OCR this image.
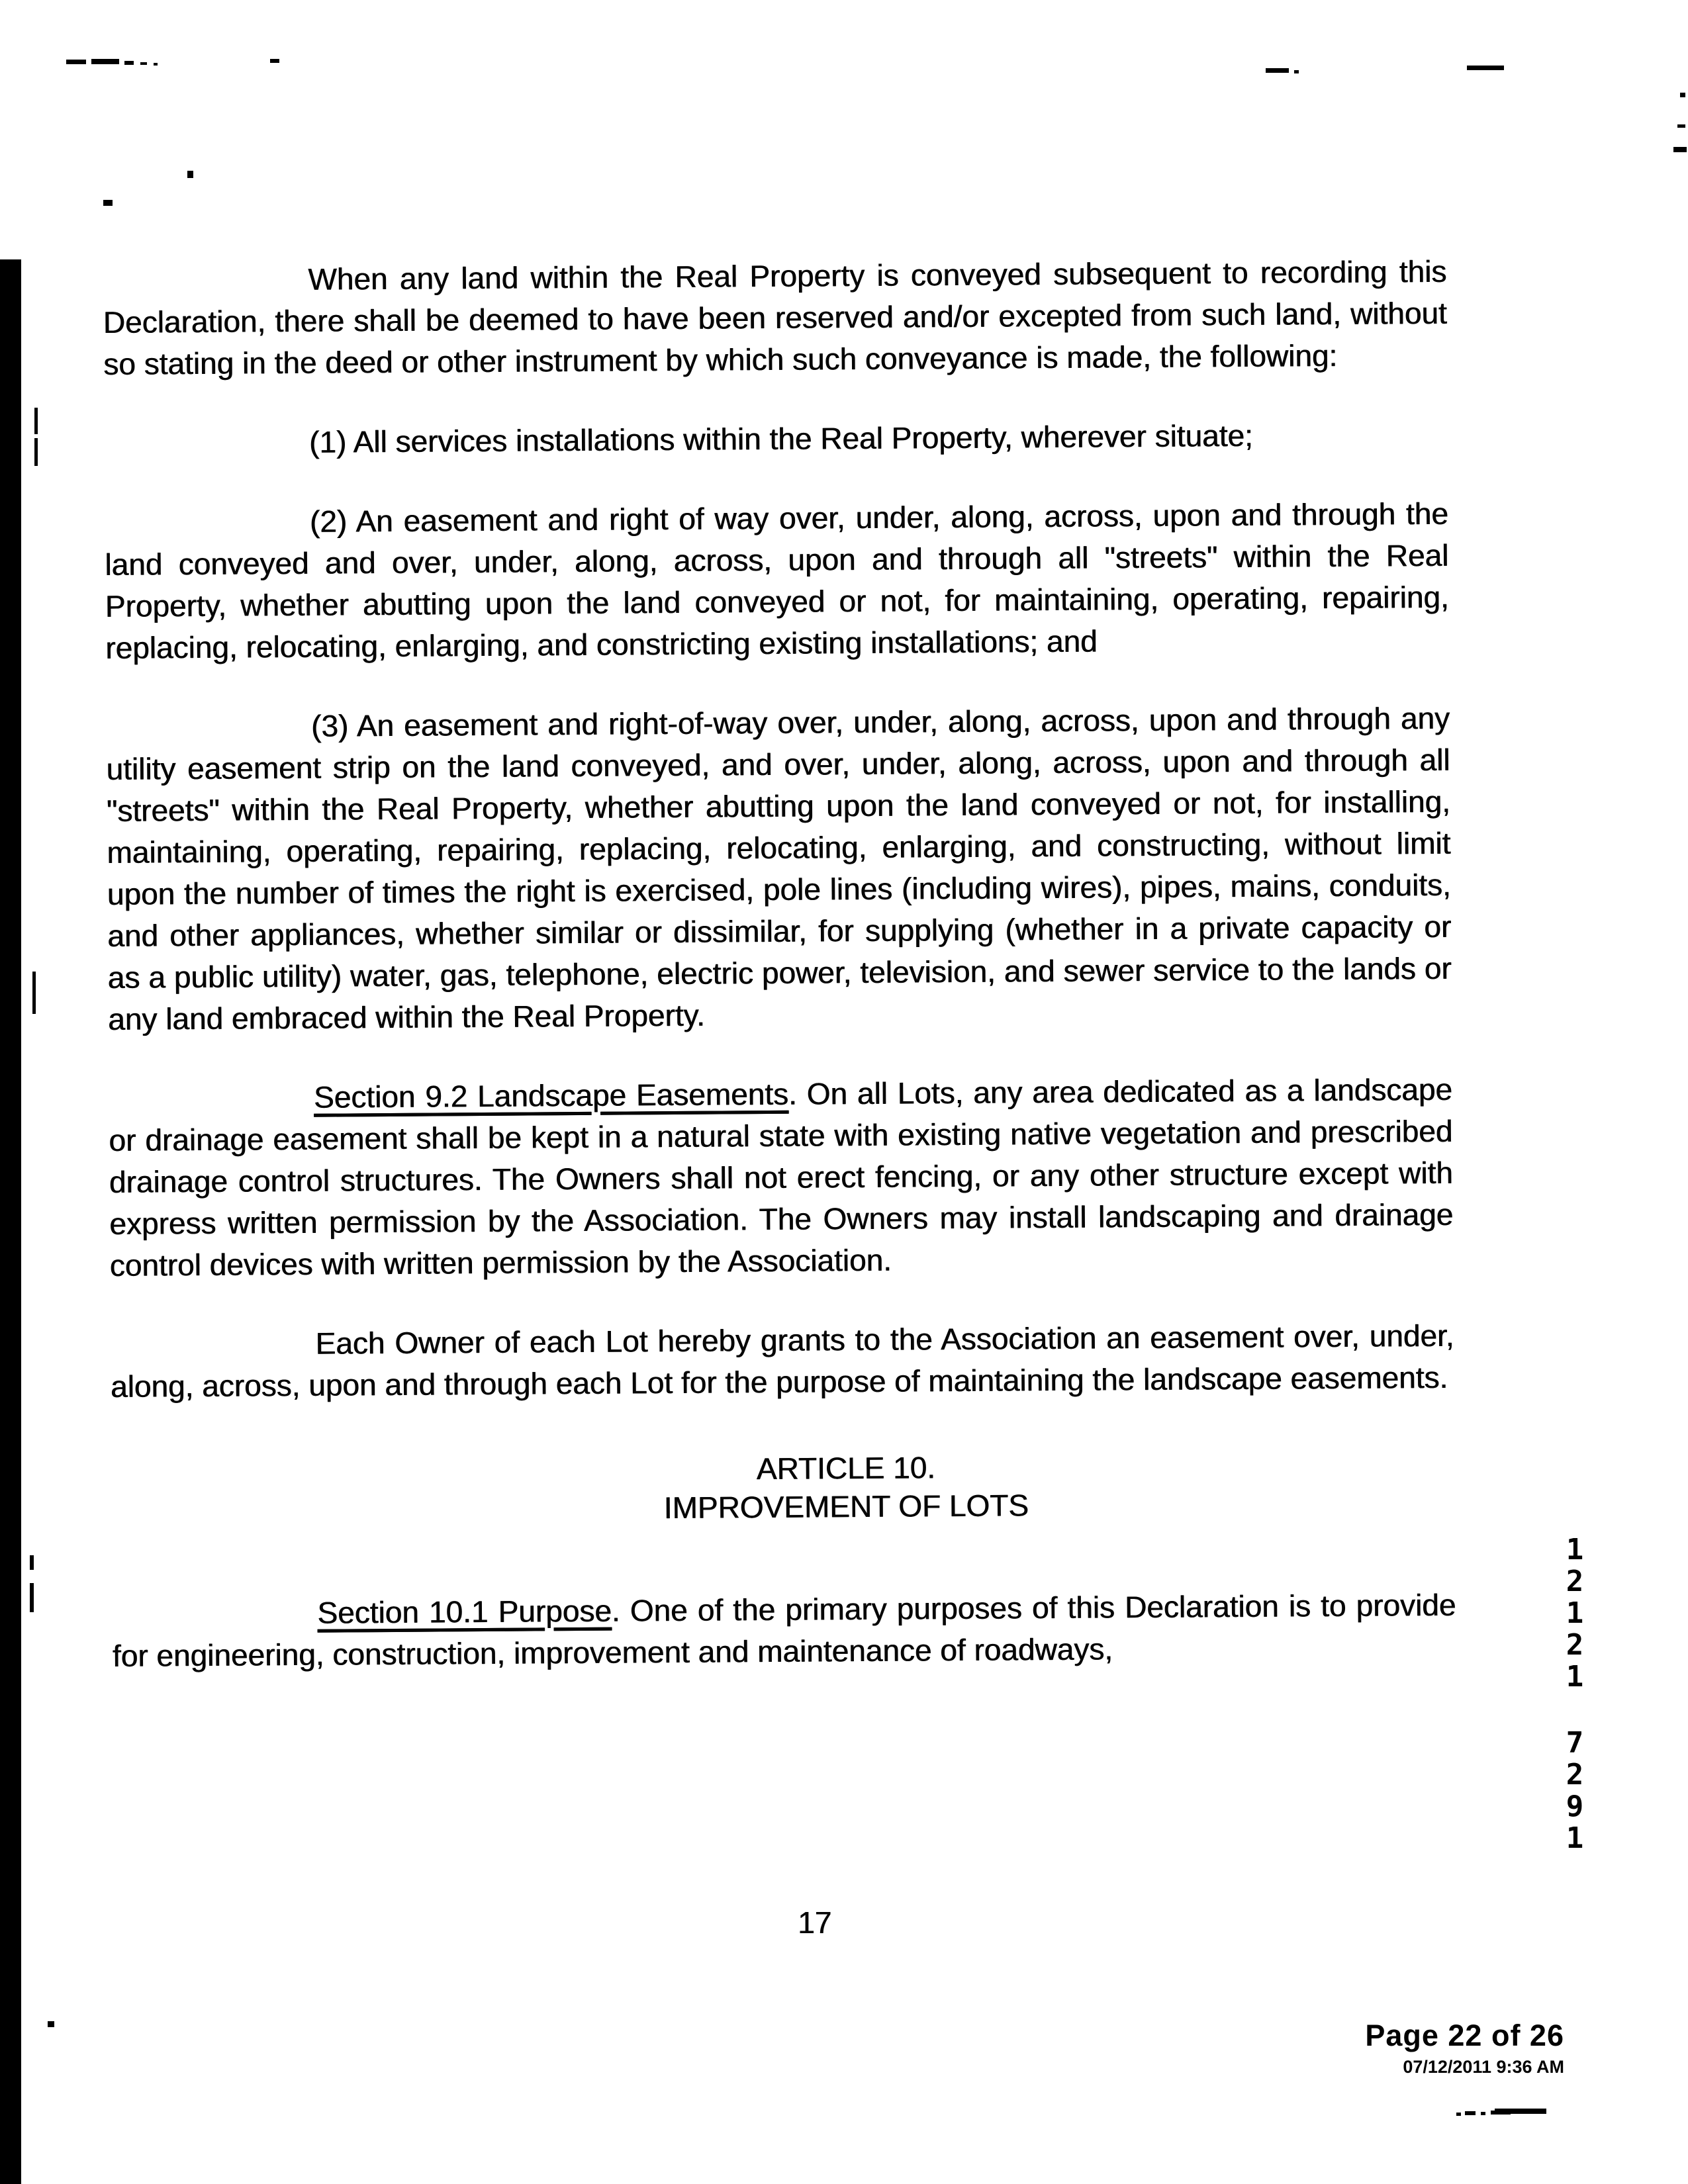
When any land within the Real Property is conveyed subsequent to recording this Declaration, there shall be deemed to have been reserved and/or excepted from such land, without so stating in the deed or other instrument by which such conveyance is made, the following:

(1) All services installations within the Real Property, wherever situate;

(2) An easement and right of way over, under, along, across, upon and through the land conveyed and over, under, along, across, upon and through all "streets" within the Real Property, whether abutting upon the land conveyed or not, for maintaining, operating, repairing, replacing, relocating, enlarging, and constricting existing installations; and

(3) An easement and right-of-way over, under, along, across, upon and through any utility easement strip on the land conveyed, and over, under, along, across, upon and through all "streets" within the Real Property, whether abutting upon the land conveyed or not, for installing, maintaining, operating, repairing, replacing, relocating, enlarging, and constructing, without limit upon the number of times the right is exercised, pole lines (including wires), pipes, mains, conduits, and other appliances, whether similar or dissimilar, for supplying (whether in a private capacity or as a public utility) water, gas, telephone, electric power, television, and sewer service to the lands or any land embraced within the Real Property.

Section 9.2 Landscape Easements. On all Lots, any area dedicated as a landscape or drainage easement shall be kept in a natural state with existing native vegetation and prescribed drainage control structures. The Owners shall not erect fencing, or any other structure except with express written permission by the Association. The Owners may install landscaping and drainage control devices with written permission by the Association.

Each Owner of each Lot hereby grants to the Association an easement over, under, along, across, upon and through each Lot for the purpose of maintaining the landscape easements.

ARTICLE 10.
IMPROVEMENT OF LOTS

Section 10.1 Purpose. One of the primary purposes of this Declaration is to provide for engineering, construction, improvement and maintenance of roadways,

17
12121
7291
Page 22 of 26
07/12/2011 9:36 AM
